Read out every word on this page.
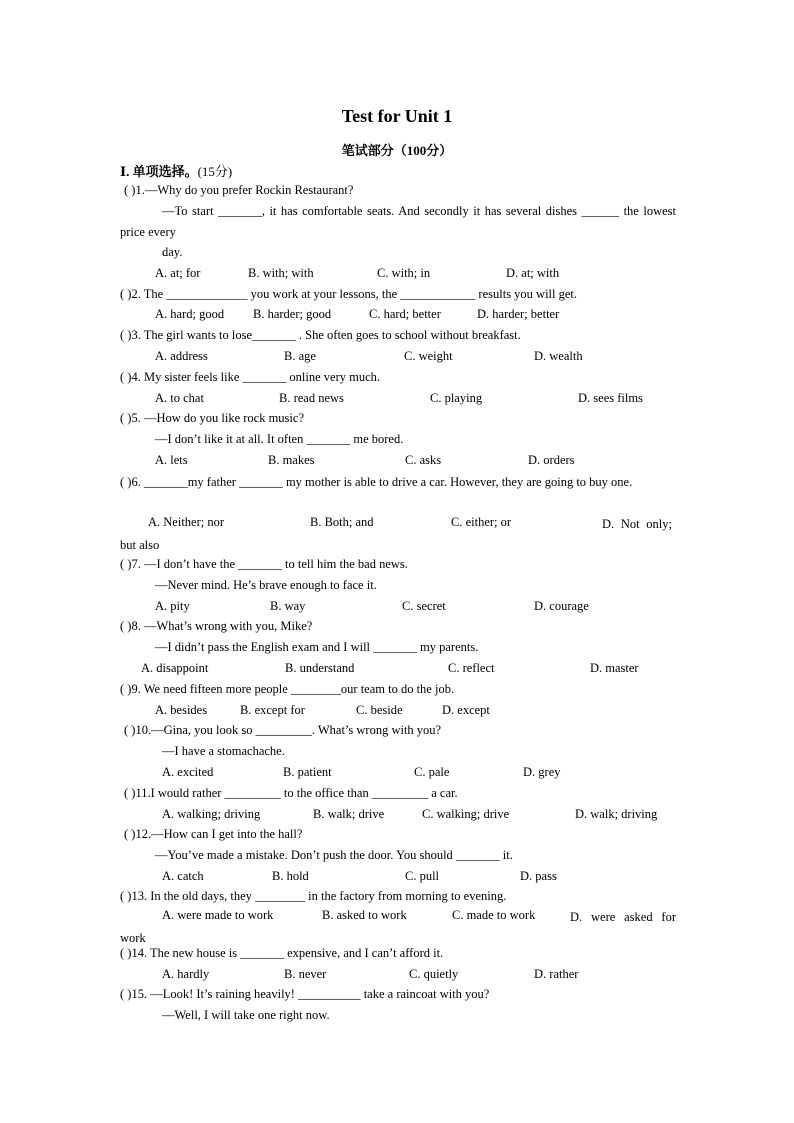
Test for Unit 1
笔试部分（100分）
Ⅰ. 单项选择。(15分)
( )1.—Why do you prefer Rockin Restaurant?
—To start _______, it has comfortable seats. And secondly it has several dishes ______ the lowest price every
day.
A. at; for	B. with; with	C. with; in	D. at; with
( )2. The _____________ you work at your lessons, the ____________ results you will get.
A. hard; good B. harder; good	C. hard; better	D. harder; better
( )3. The girl wants to lose_______ . She often goes to school without breakfast.
A. address	B. age	C. weight	D. wealth
( )4. My sister feels like _______ online very much.
A. to chat	B. read news	C. playing	D. sees films
( )5. —How do you like rock music?
—I don’t like it at all. It often _______ me bored.
A. lets	B. makes	C. asks	D. orders
( )6. _______my father _______ my mother is able to drive a car. However, they are going to buy one.
A. Neither; nor	B. Both; and	C. either; or	D. Not only; but also
( )7. —I don’t have the _______ to tell him the bad news.
—Never mind. He’s brave enough to face it.
A. pity	B. way	C. secret	D. courage
( )8. —What’s wrong with you, Mike?
—I didn’t pass the English exam and I will _______ my parents.
A. disappoint	B. understand	C. reflect	D. master
( )9. We need fifteen more people ________our team to do the job.
A. besides	B. except for	C. beside	D. except
( )10.—Gina, you look so _________. What’s wrong with you?
—I have a stomachache.
A. excited	B. patient	C. pale	D. grey
( )11.I would rather _________ to the office than _________ a car.
A. walking; driving	B. walk; drive	C. walking; drive	D. walk; driving
( )12.—How can I get into the hall?
—You’ve made a mistake. Don’t push the door. You should _______ it.
A. catch	B. hold	C. pull	D. pass
( )13. In the old days, they ________ in the factory from morning to evening.
A. were made to work	B. asked to work	C. made to work	D. were asked for work
( )14. The new house is _______ expensive, and I can’t afford it.
A. hardly	B. never	C. quietly	D. rather
( )15. —Look! It’s raining heavily! __________ take a raincoat with you?
—Well, I will take one right now.
